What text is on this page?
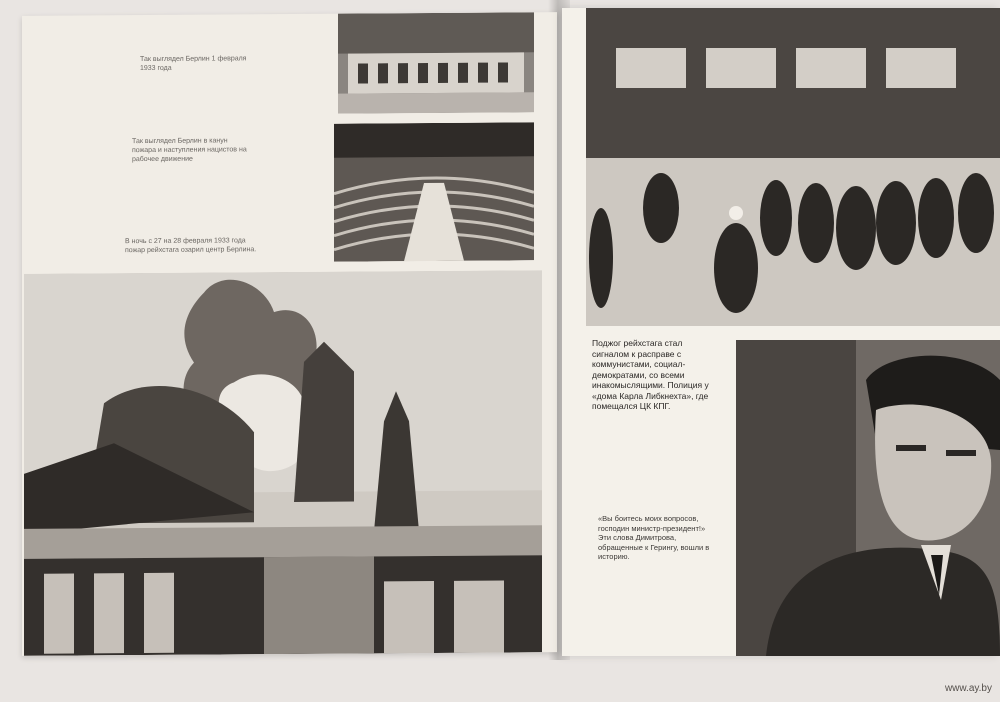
Так выглядел Берлин 1 февраля 1933 года
Так выглядел Берлин в канун пожара и наступления нацистов на рабочее движение
В ночь с 27 на 28 февраля 1933 года пожар рейхстага озарил центр Берлина.
Поджог рейхстага стал сигналом к расправе с коммунистами, социал-демократами, со всеми инакомыслящими. Полиция у «дома Карла Либкнехта», где помещался ЦК КПГ.
«Вы боитесь моих вопросов, господин министр-президент!» Эти слова Димитрова, обращенные к Герингу, вошли в историю.
www.ay.by
